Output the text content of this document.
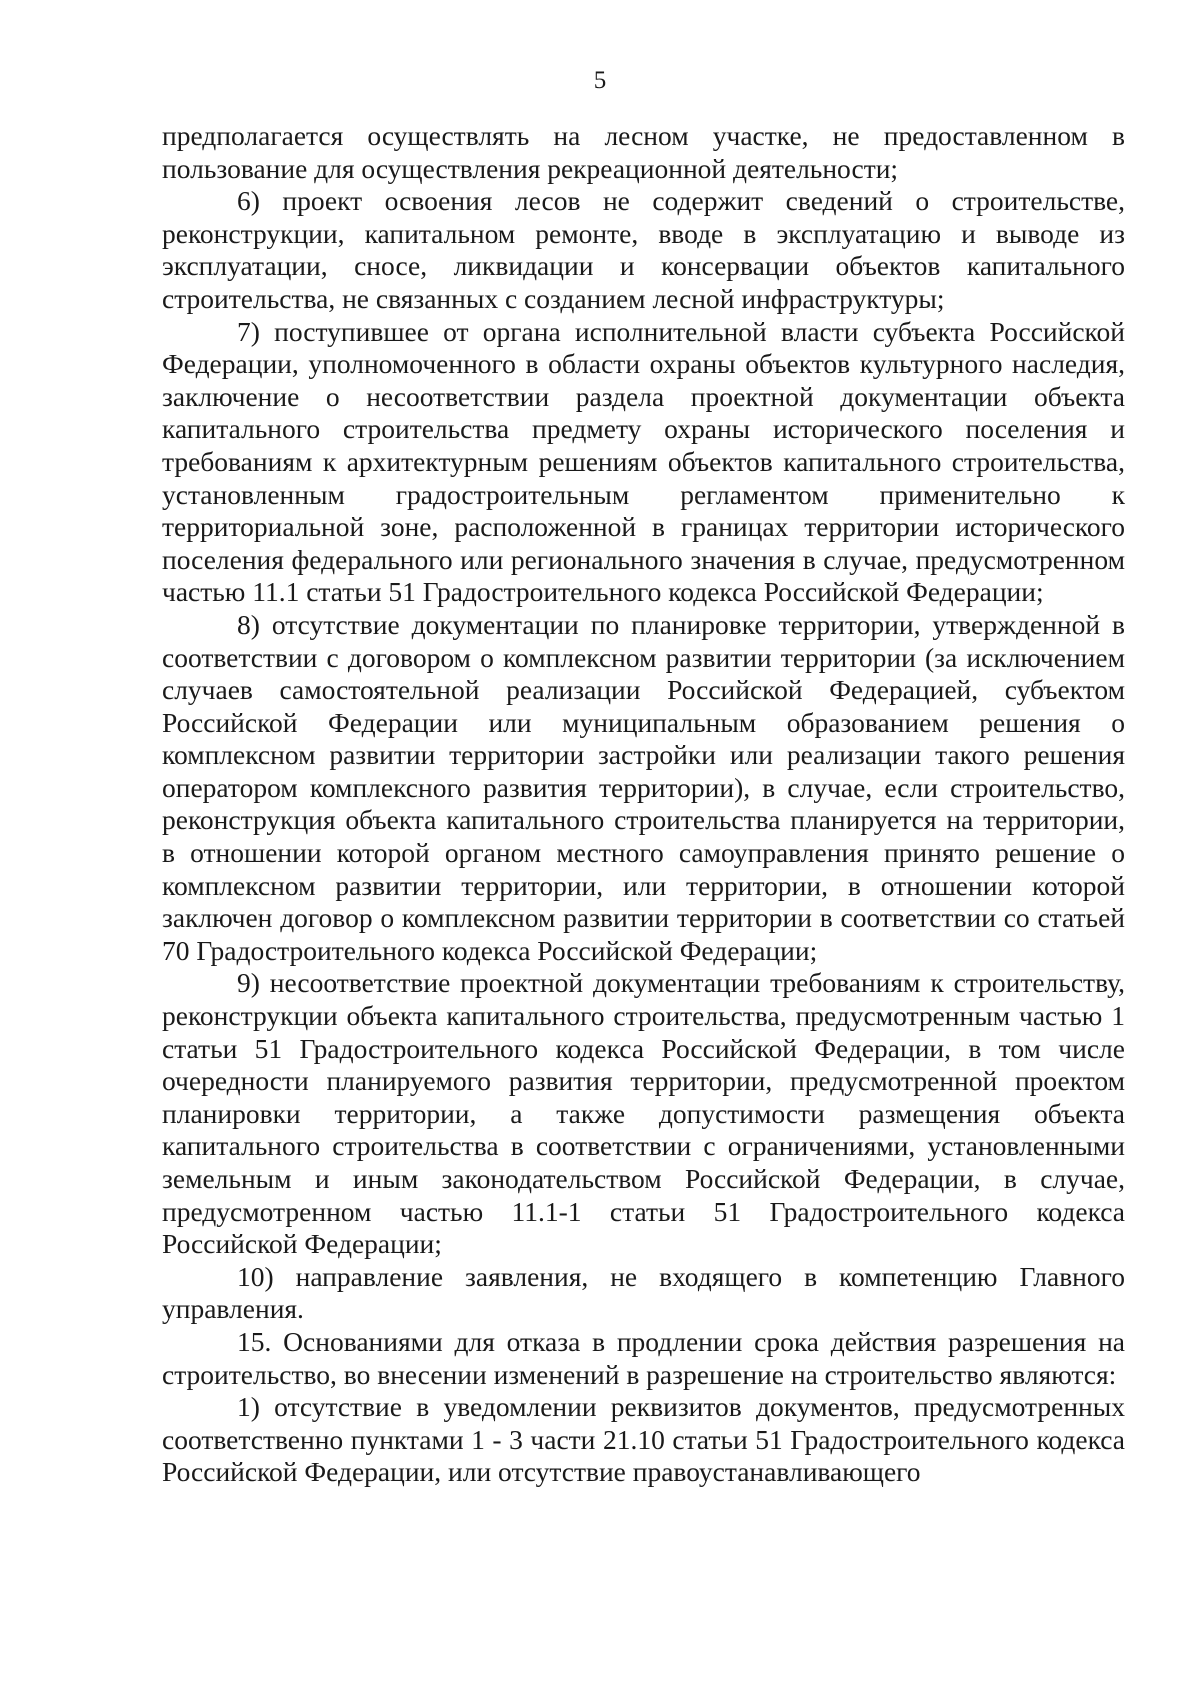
5

предполагается осуществлять на лесном участке, не предоставленном в пользование для осуществления рекреационной деятельности;

6) проект освоения лесов не содержит сведений о строительстве, реконструкции, капитальном ремонте, вводе в эксплуатацию и выводе из эксплуатации, сносе, ликвидации и консервации объектов капитального строительства, не связанных с созданием лесной инфраструктуры;

7) поступившее от органа исполнительной власти субъекта Российской Федерации, уполномоченного в области охраны объектов культурного наследия, заключение о несоответствии раздела проектной документации объекта капитального строительства предмету охраны исторического поселения и требованиям к архитектурным решениям объектов капитального строительства, установленным градостроительным регламентом применительно к территориальной зоне, расположенной в границах территории исторического поселения федерального или регионального значения в случае, предусмотренном частью 11.1 статьи 51 Градостроительного кодекса Российской Федерации;

8) отсутствие документации по планировке территории, утвержденной в соответствии с договором о комплексном развитии территории (за исключением случаев самостоятельной реализации Российской Федерацией, субъектом Российской Федерации или муниципальным образованием решения о комплексном развитии территории застройки или реализации такого решения оператором комплексного развития территории), в случае, если строительство, реконструкция объекта капитального строительства планируется на территории, в отношении которой органом местного самоуправления принято решение о комплексном развитии территории, или территории, в отношении которой заключен договор о комплексном развитии территории в соответствии со статьей 70 Градостроительного кодекса Российской Федерации;

9) несоответствие проектной документации требованиям к строительству, реконструкции объекта капитального строительства, предусмотренным частью 1 статьи 51 Градостроительного кодекса Российской Федерации, в том числе очередности планируемого развития территории, предусмотренной проектом планировки территории, а также допустимости размещения объекта капитального строительства в соответствии с ограничениями, установленными земельным и иным законодательством Российской Федерации, в случае, предусмотренном частью 11.1-1 статьи 51 Градостроительного кодекса Российской Федерации;

10) направление заявления, не входящего в компетенцию Главного управления.

15. Основаниями для отказа в продлении срока действия разрешения на строительство, во внесении изменений в разрешение на строительство являются:

1) отсутствие в уведомлении реквизитов документов, предусмотренных соответственно пунктами 1 - 3 части 21.10 статьи 51 Градостроительного кодекса Российской Федерации, или отсутствие правоустанавливающего
